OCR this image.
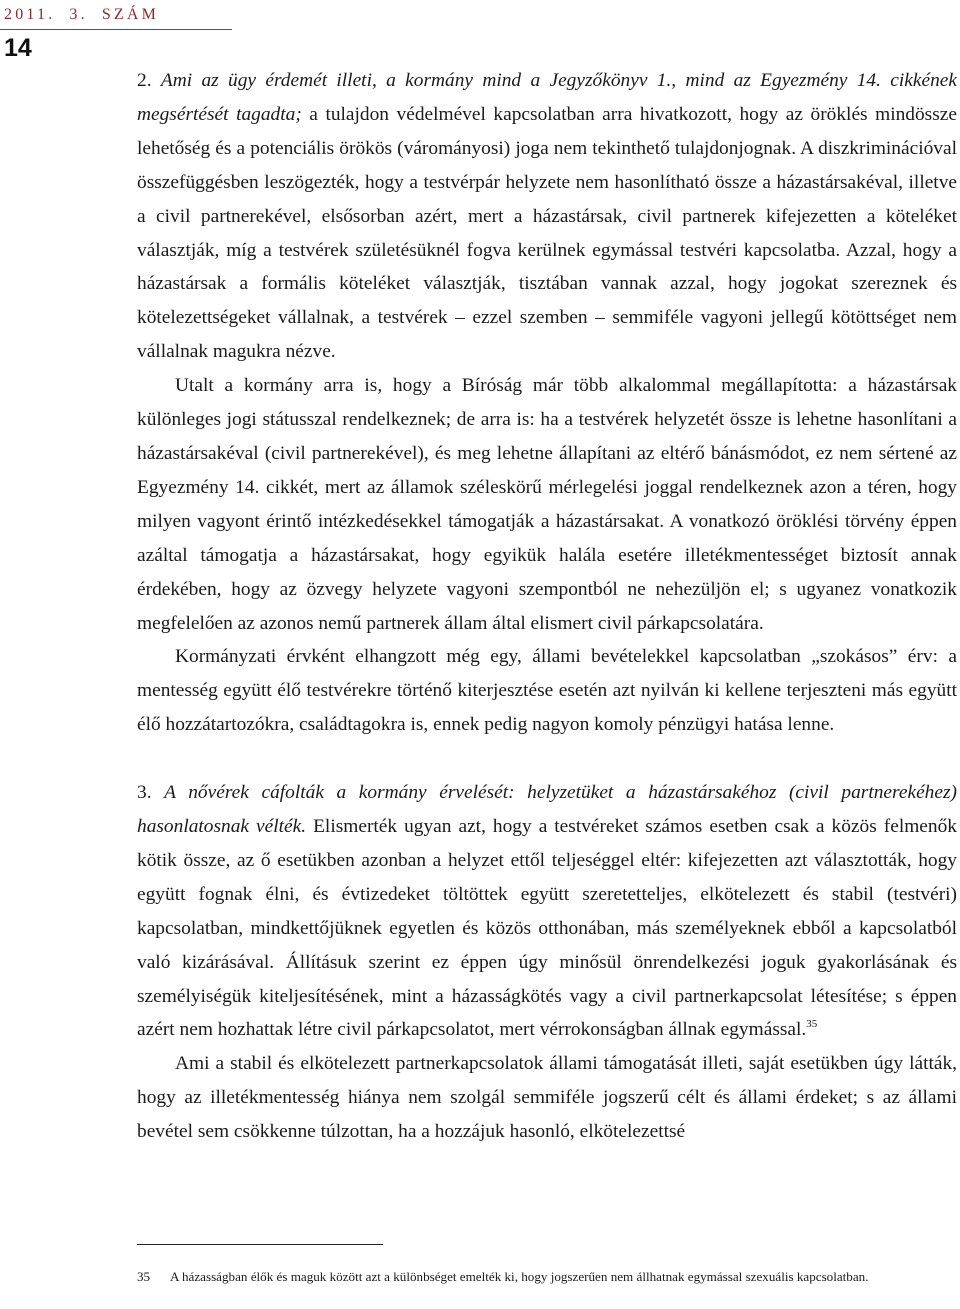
2011. 3. SZÁM
14

2. Ami az ügy érdemét illeti, a kormány mind a Jegyzőkönyv 1., mind az Egyezmény 14. cikkének megsértését tagadta; a tulajdon védelmével kapcsolatban arra hivatkozott, hogy az öröklés mindössze lehetőség és a potenciális örökös (várományosi) joga nem tekinthető tulajdonjognak. A diszkriminációval összefüggésben leszögezték, hogy a testvérpár helyzete nem hasonlítható össze a házastársakéval, illetve a civil partnerekével, elsősorban azért, mert a házastársak, civil partnerek kifejezetten a köteléket választják, míg a testvérek születésüknél fogva kerülnek egymással testvéri kapcsolatba. Azzal, hogy a házastársak a formális köteléket választják, tisztában vannak azzal, hogy jogokat szereznek és kötelezettségeket vállalnak, a testvérek – ezzel szemben – semmiféle vagyoni jellegű kötöttséget nem vállalnak magukra nézve.

Utalt a kormány arra is, hogy a Bíróság már több alkalommal megállapította: a házastársak különleges jogi státusszal rendelkeznek; de arra is: ha a testvérek helyzetét össze is lehetne hasonlítani a házastársakéval (civil partnerekével), és meg lehetne állapítani az eltérő bánásmódot, ez nem sértené az Egyezmény 14. cikkét, mert az államok széleskörű mérlegelési joggal rendelkeznek azon a téren, hogy milyen vagyont érintő intézkedésekkel támogatják a házastársakat. A vonatkozó öröklési törvény éppen azáltal támogatja a házastársakat, hogy egyikük halála esetére illetékmentességet biztosít annak érdekében, hogy az özvegy helyzete vagyoni szempontból ne nehezüljön el; s ugyanez vonatkozik megfelelően az azonos nemű partnerek állam által elismert civil párkapcsolatára.

Kormányzati érvként elhangzott még egy, állami bevételekkel kapcsolatban „szokásos” érv: a mentesség együtt élő testvérekre történő kiterjesztése esetén azt nyilván ki kellene terjeszteni más együtt élő hozzátartozókra, családtagokra is, ennek pedig nagyon komoly pénzügyi hatása lenne.

3. A nővérek cáfolták a kormány érvelését: helyzetüket a házastársakéhoz (civil partnerekéhez) hasonlatosnak vélték. Elismerték ugyan azt, hogy a testvéreket számos esetben csak a közös felmenők kötik össze, az ő esetükben azonban a helyzet ettől teljeséggel eltér: kifejezetten azt választották, hogy együtt fognak élni, és évtizedeket töltöttek együtt szeretetteljes, elkötelezett és stabil (testvéri) kapcsolatban, mindkettőjüknek egyetlen és közös otthonában, más személyeknek ebből a kapcsolatból való kizárásával. Állításuk szerint ez éppen úgy minősül önrendelkezési joguk gyakorlásának és személyiségük kiteljesítésének, mint a házasságkötés vagy a civil partnerkapcsolat létesítése; s éppen azért nem hozhattak létre civil párkapcsolatot, mert vérrokonságban állnak egymással.$^{35}$

Ami a stabil és elkötelezett partnerkapcsolatok állami támogatását illeti, saját esetükben úgy látták, hogy az illetékmentesség hiánya nem szolgál semmiféle jogszerű célt és állami érdeket; s az állami bevétel sem csökkenne túlzottan, ha a hozzájuk hasonló, elkötelezettsé

35 A házasságban élők és maguk között azt a különbséget emelték ki, hogy jogszerűen nem állhatnak egymással szexuális kapcsolatban.
